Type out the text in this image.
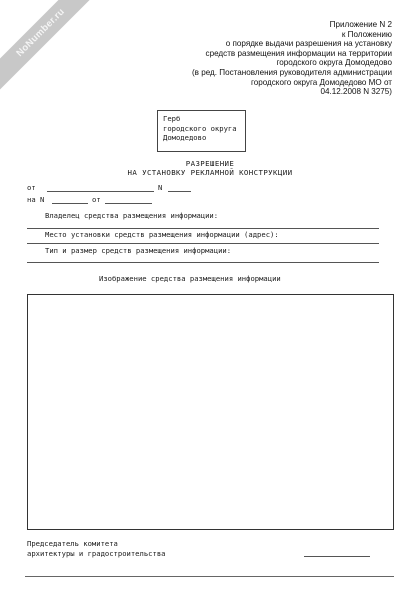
NoNumber.ru	Приложение N 2
к Положению
о порядке выдачи разрешения на установку
средств размещения информации на территории
городского округа Домодедово
(в ред. Постановления руководителя администрации
городского округа Домодедово МО от
04.12.2008 N 3275)
Герб
городского округа
Домодедово
РАЗРЕШЕНИЕ
НА УСТАНОВКУ РЕКЛАМНОЙ КОНСТРУКЦИИ
от	N
на N	от
Владелец средства размещения информации:
Место установки средств размещения информации (адрес):
Тип и размер средств размещения информации:
Изображение средства размещения информации
Председатель комитета
архитектуры и градостроительства
